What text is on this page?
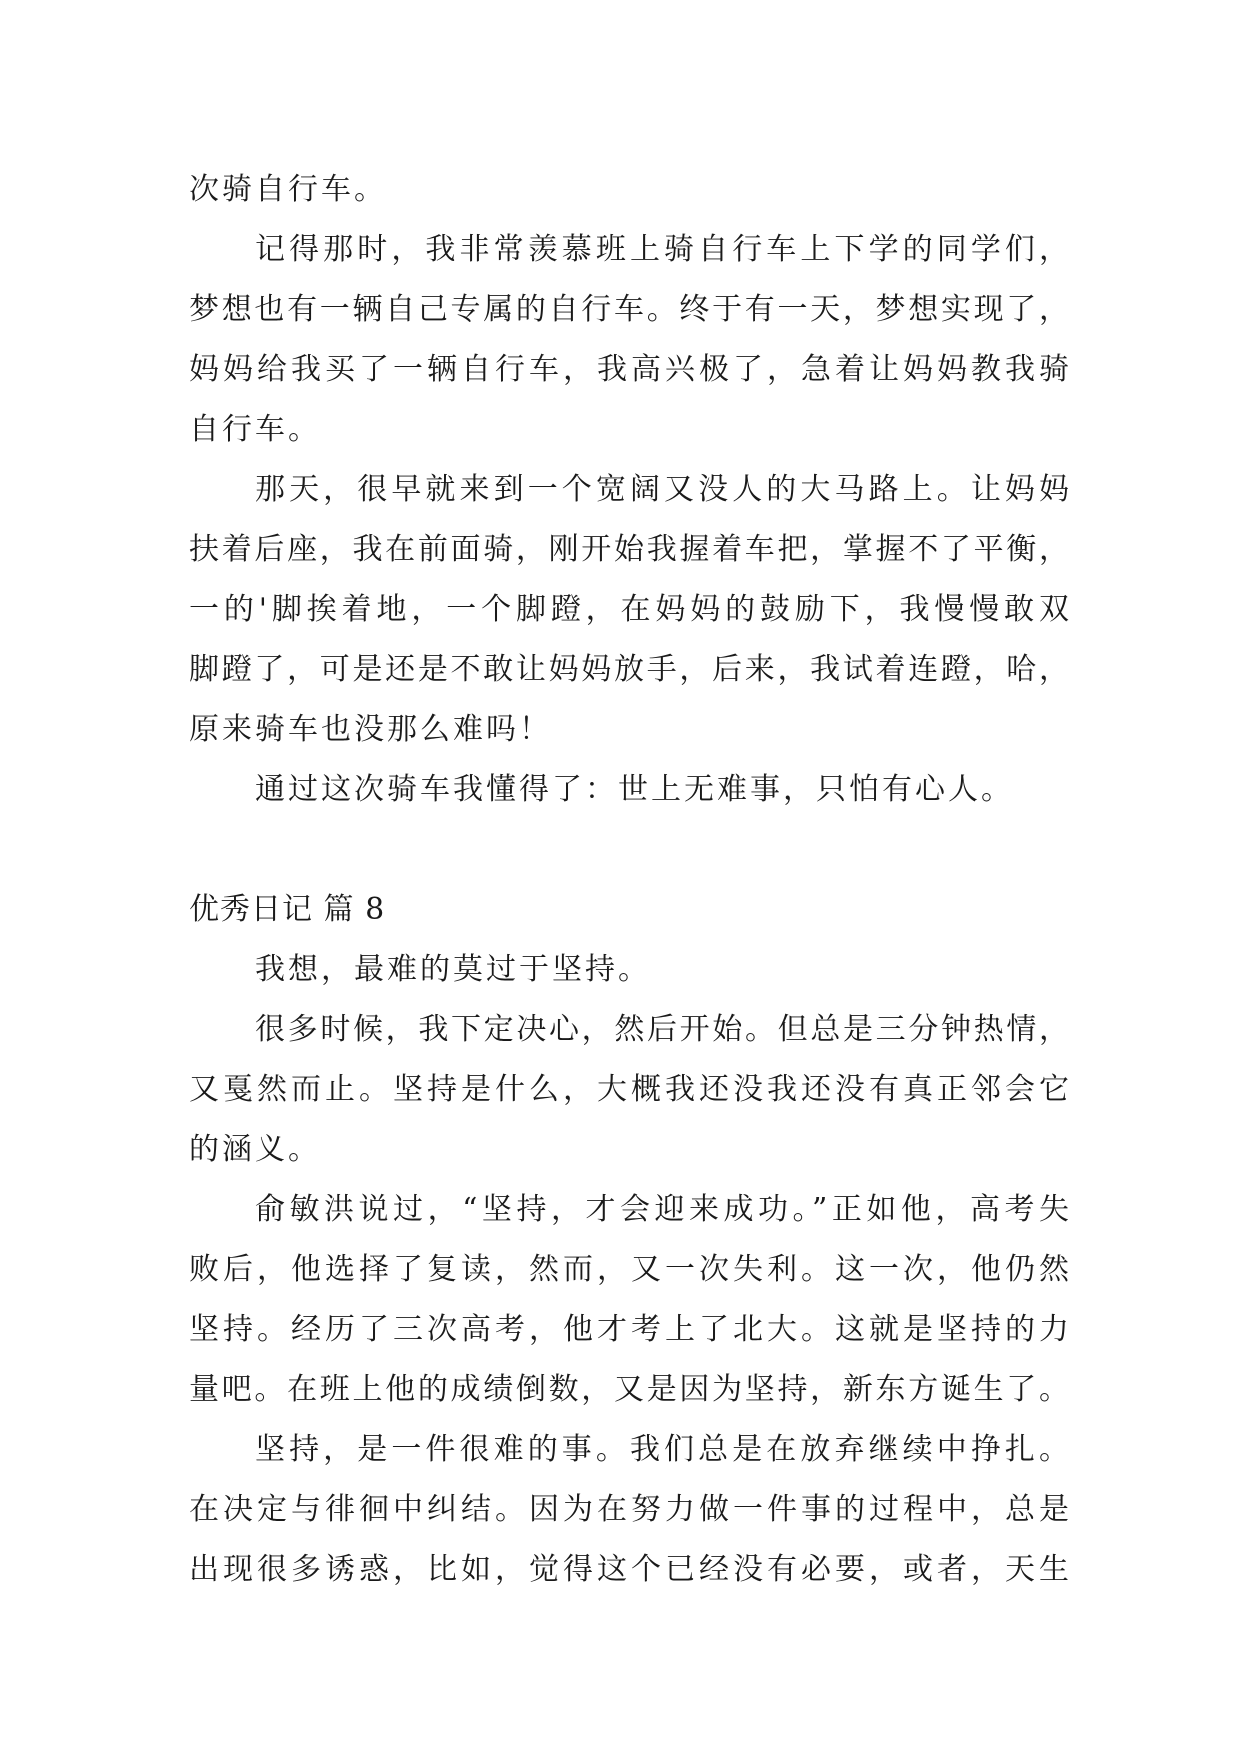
次骑自行车。
记得那时，我非常羡慕班上骑自行车上下学的同学们，
梦想也有一辆自己专属的自行车。终于有一天，梦想实现了，
妈妈给我买了一辆自行车，我高兴极了，急着让妈妈教我骑
自行车。
那天，很早就来到一个宽阔又没人的大马路上。让妈妈
扶着后座，我在前面骑，刚开始我握着车把，掌握不了平衡，
一的'脚挨着地，一个脚蹬，在妈妈的鼓励下，我慢慢敢双
脚蹬了，可是还是不敢让妈妈放手，后来，我试着连蹬，哈，
原来骑车也没那么难吗！
通过这次骑车我懂得了：世上无难事，只怕有心人。
优秀日记 篇 8
我想，最难的莫过于坚持。
很多时候，我下定决心，然后开始。但总是三分钟热情，
又戛然而止。坚持是什么，大概我还没我还没有真正邻会它
的涵义。
俞敏洪说过，“坚持，才会迎来成功。”正如他，高考失
败后，他选择了复读，然而，又一次失利。这一次，他仍然
坚持。经历了三次高考，他才考上了北大。这就是坚持的力
量吧。在班上他的成绩倒数，又是因为坚持，新东方诞生了。
坚持，是一件很难的事。我们总是在放弃继续中挣扎。
在决定与徘徊中纠结。因为在努力做一件事的过程中，总是
出现很多诱惑，比如，觉得这个已经没有必要，或者，天生
